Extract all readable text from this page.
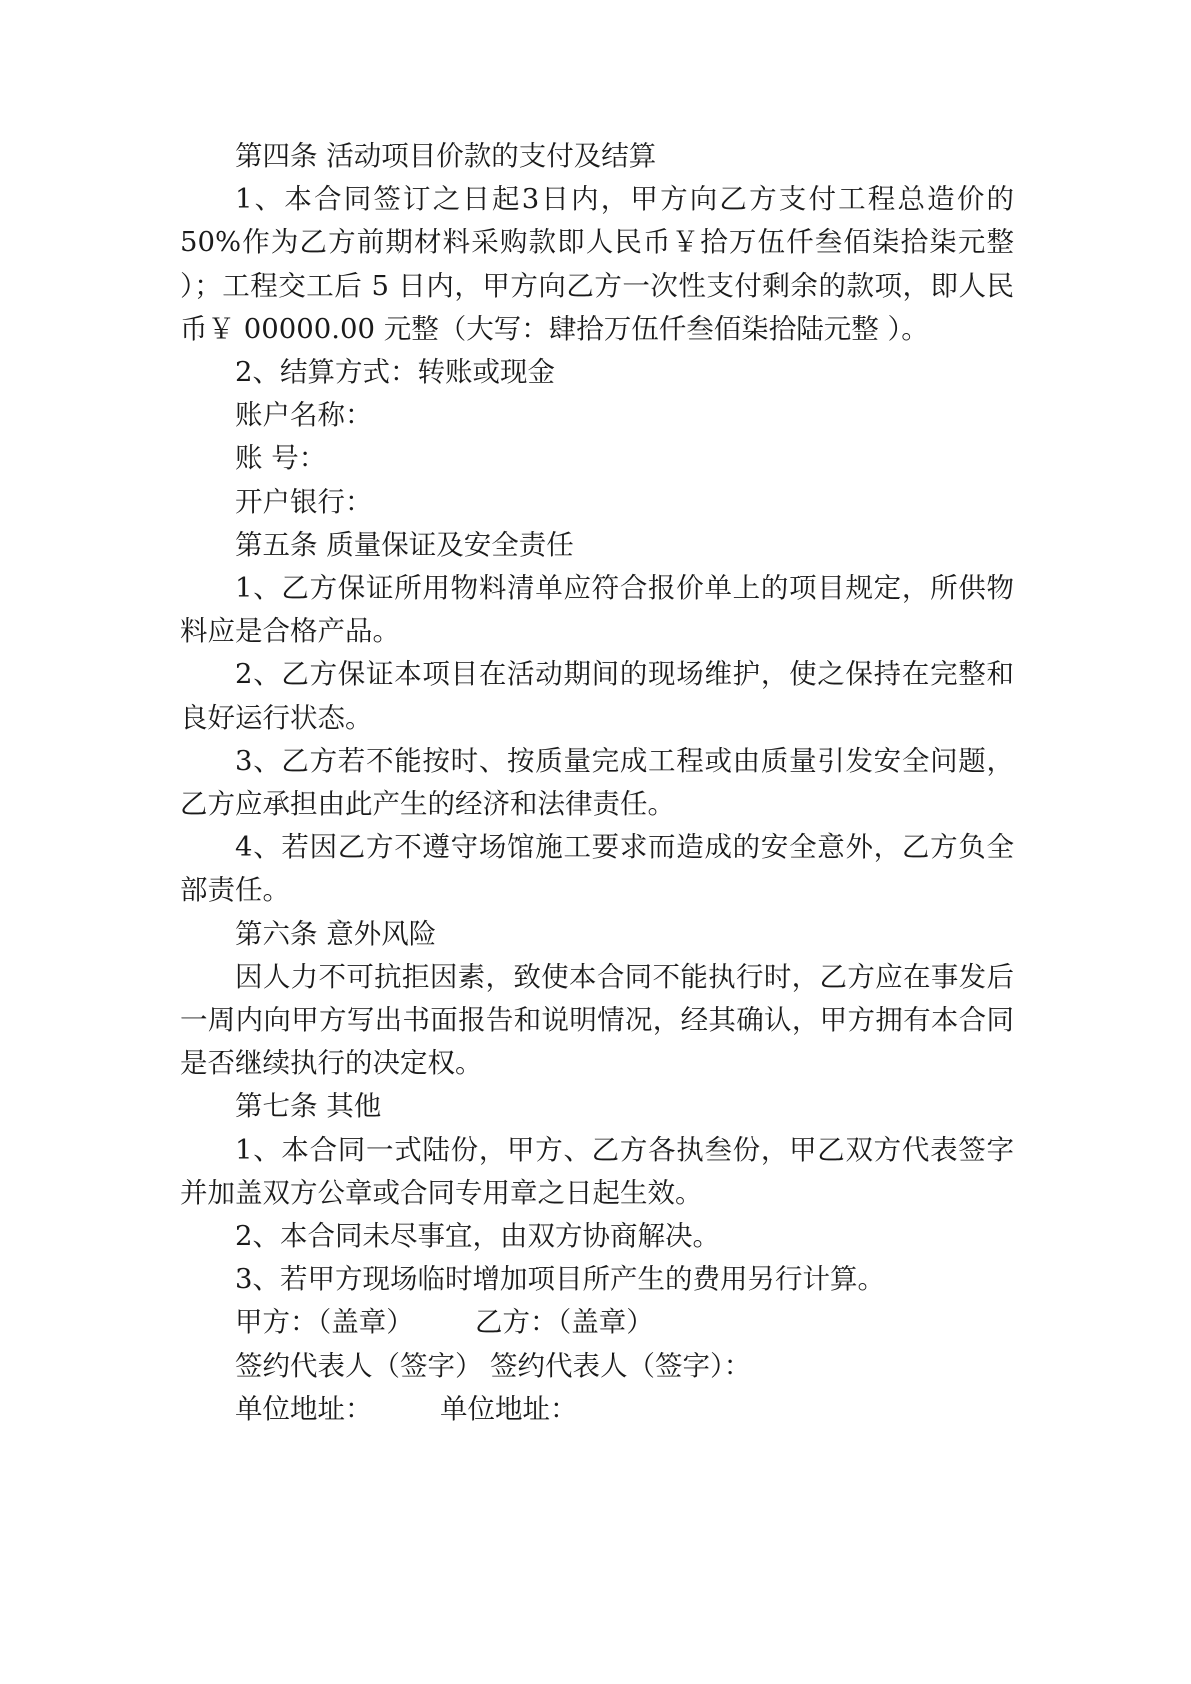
第四条 活动项目价款的支付及结算

1、本合同签订之日起3日内，甲方向乙方支付工程总造价的50%作为乙方前期材料采购款即人民币￥拾万伍仟叁佰柒拾柒元整 ）；工程交工后 5 日内，甲方向乙方一次性支付剩余的款项，即人民币￥ 00000.00 元整（大写：肆拾万伍仟叁佰柒拾陆元整 ）。

2、结算方式：转账或现金

账户名称：

账 号：

开户银行：

第五条 质量保证及安全责任

1、乙方保证所用物料清单应符合报价单上的项目规定，所供物料应是合格产品。

2、乙方保证本项目在活动期间的现场维护，使之保持在完整和良好运行状态。

3、乙方若不能按时、按质量完成工程或由质量引发安全问题，乙方应承担由此产生的经济和法律责任。

4、若因乙方不遵守场馆施工要求而造成的安全意外，乙方负全部责任。

第六条 意外风险

因人力不可抗拒因素，致使本合同不能执行时，乙方应在事发后一周内向甲方写出书面报告和说明情况，经其确认，甲方拥有本合同是否继续执行的决定权。

第七条 其他

1、本合同一式陆份，甲方、乙方各执叁份，甲乙双方代表签字并加盖双方公章或合同专用章之日起生效。

2、本合同未尽事宜，由双方协商解决。

3、若甲方现场临时增加项目所产生的费用另行计算。

甲方：（盖章）	乙方：（盖章）
签约代表人（签字） 签约代表人（签字）：
单位地址：	单位地址：
